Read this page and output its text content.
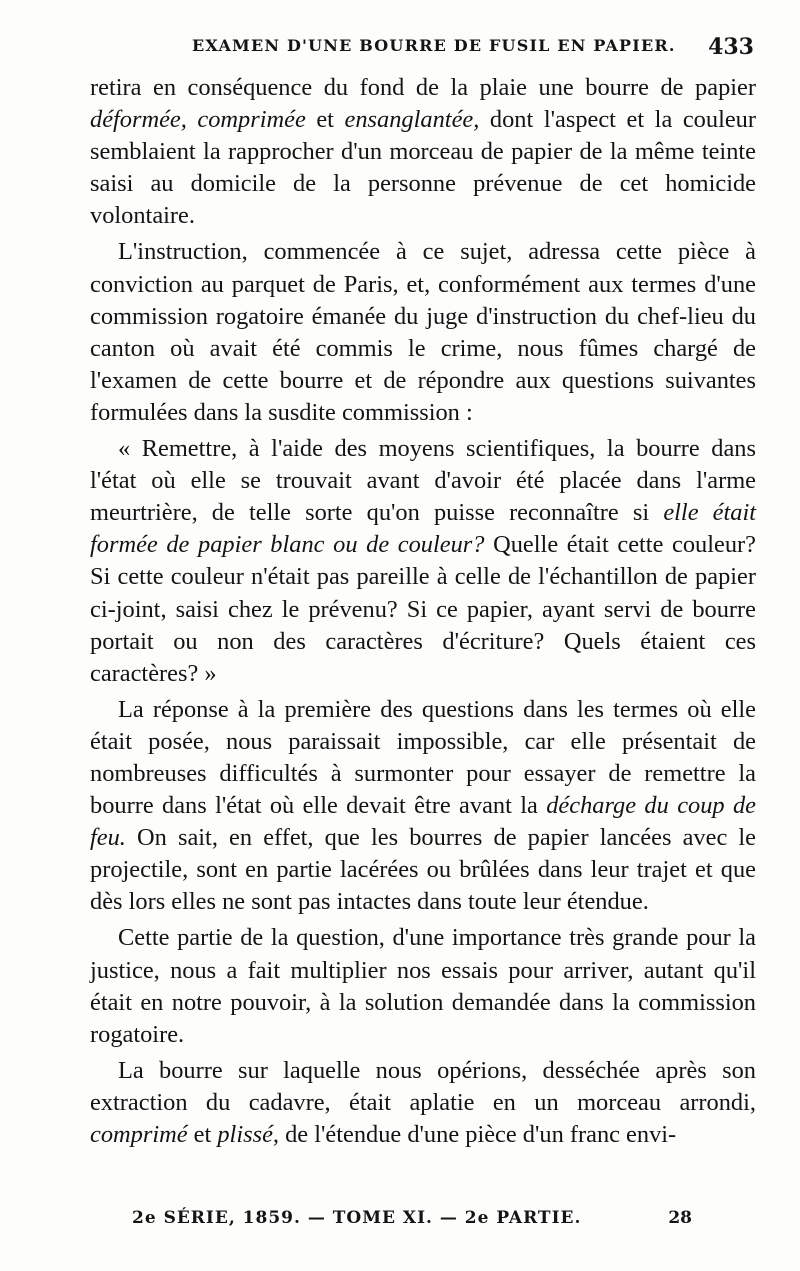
EXAMEN D'UNE BOURRE DE FUSIL EN PAPIER. 433

retira en conséquence du fond de la plaie une bourre de papier déformée, comprimée et ensanglantée, dont l'aspect et la couleur semblaient la rapprocher d'un morceau de papier de la même teinte saisi au domicile de la personne prévenue de cet homicide volontaire.

L'instruction, commencée à ce sujet, adressa cette pièce à conviction au parquet de Paris, et, conformément aux termes d'une commission rogatoire émanée du juge d'instruction du chef-lieu du canton où avait été commis le crime, nous fûmes chargé de l'examen de cette bourre et de répondre aux questions suivantes formulées dans la susdite commission :

« Remettre, à l'aide des moyens scientifiques, la bourre dans l'état où elle se trouvait avant d'avoir été placée dans l'arme meurtrière, de telle sorte qu'on puisse reconnaître si elle était formée de papier blanc ou de couleur? Quelle était cette couleur? Si cette couleur n'était pas pareille à celle de l'échantillon de papier ci-joint, saisi chez le prévenu? Si ce papier, ayant servi de bourre portait ou non des caractères d'écriture? Quels étaient ces caractères? »

La réponse à la première des questions dans les termes où elle était posée, nous paraissait impossible, car elle présentait de nombreuses difficultés à surmonter pour essayer de remettre la bourre dans l'état où elle devait être avant la décharge du coup de feu. On sait, en effet, que les bourres de papier lancées avec le projectile, sont en partie lacérées ou brûlées dans leur trajet et que dès lors elles ne sont pas intactes dans toute leur étendue.

Cette partie de la question, d'une importance très grande pour la justice, nous a fait multiplier nos essais pour arriver, autant qu'il était en notre pouvoir, à la solution demandée dans la commission rogatoire.

La bourre sur laquelle nous opérions, desséchée après son extraction du cadavre, était aplatie en un morceau arrondi, comprimé et plissé, de l'étendue d'une pièce d'un franc envi-

2e SÉRIE, 1859. — TOME XI. — 2e PARTIE.	28
